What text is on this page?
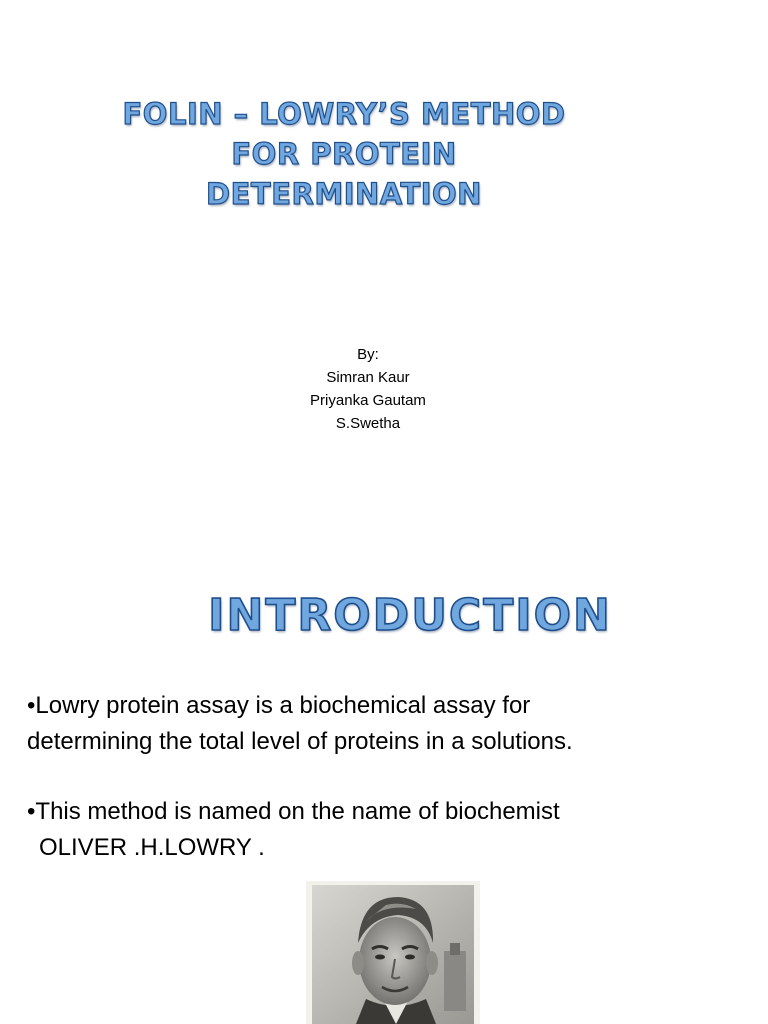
FOLIN – LOWRY’S METHOD
FOR PROTEIN
DETERMINATION
By:
Simran Kaur
Priyanka Gautam
S.Swetha
INTRODUCTION
•Lowry protein assay is a biochemical assay for
determining the total level of proteins in a solutions.
•This method is named on the name of biochemist
OLIVER .H.LOWRY .
